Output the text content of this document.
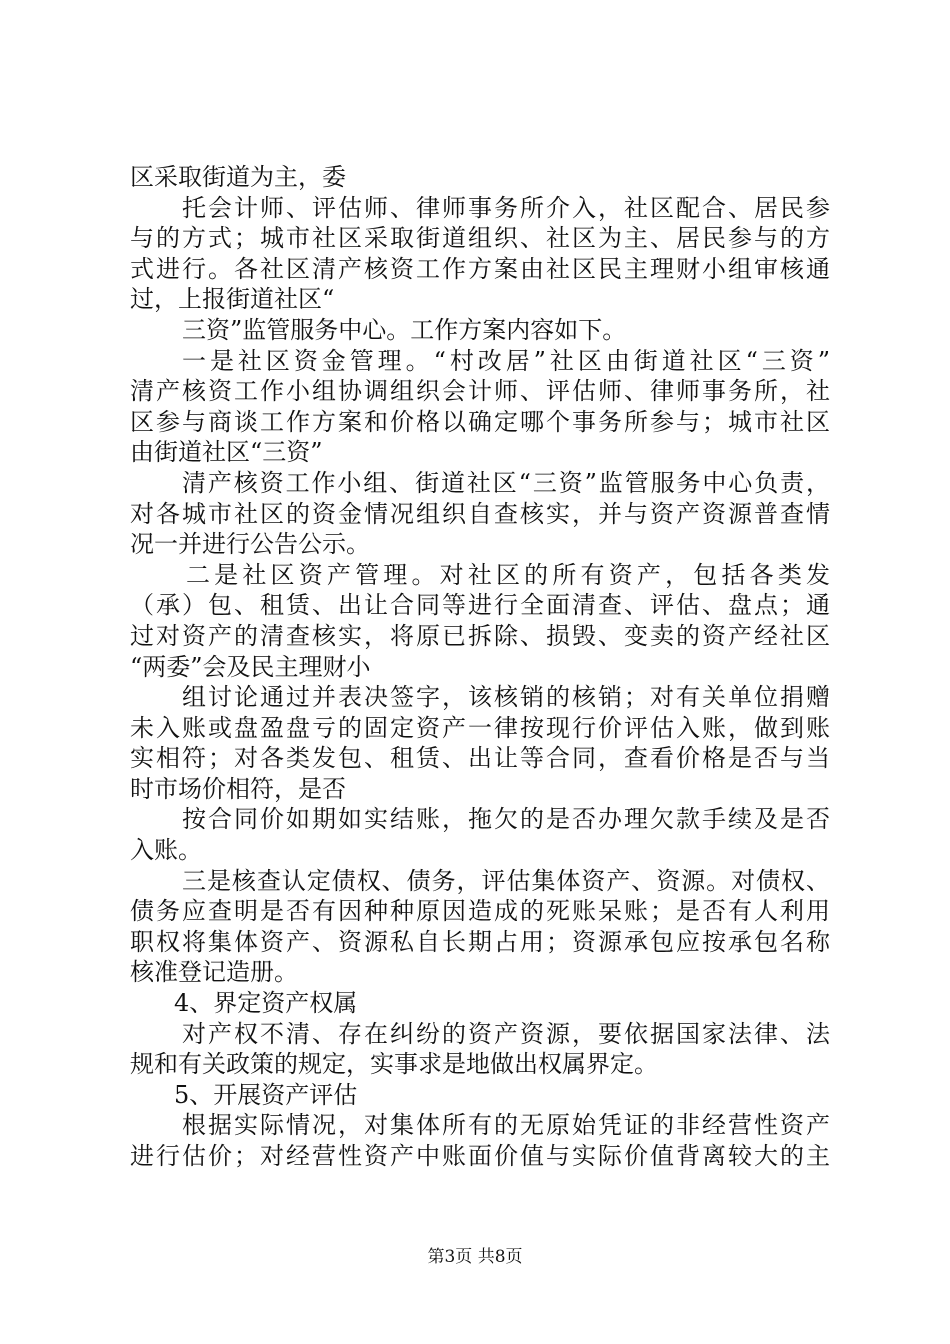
区采取街道为主，委
托会计师、评估师、律师事务所介入，社区配合、居民参
与的方式；城市社区采取街道组织、社区为主、居民参与的方
式进行。各社区清产核资工作方案由社区民主理财小组审核通
过，上报街道社区“
三资”监管服务中心。工作方案内容如下。
一是社区资金管理。“村改居”社区由街道社区“三资”
清产核资工作小组协调组织会计师、评估师、律师事务所，社
区参与商谈工作方案和价格以确定哪个事务所参与；城市社区
由街道社区“三资”
清产核资工作小组、街道社区“三资”监管服务中心负责，
对各城市社区的资金情况组织自查核实，并与资产资源普查情
况一并进行公告公示。
二是社区资产管理。对社区的所有资产，包括各类发
（承）包、租赁、出让合同等进行全面清查、评估、盘点；通
过对资产的清查核实，将原已拆除、损毁、变卖的资产经社区
“两委”会及民主理财小
组讨论通过并表决签字，该核销的核销；对有关单位捐赠
未入账或盘盈盘亏的固定资产一律按现行价评估入账，做到账
实相符；对各类发包、租赁、出让等合同，查看价格是否与当
时市场价相符，是否
按合同价如期如实结账，拖欠的是否办理欠款手续及是否
入账。
三是核查认定债权、债务，评估集体资产、资源。对债权、
债务应查明是否有因种种原因造成的死账呆账；是否有人利用
职权将集体资产、资源私自长期占用；资源承包应按承包名称
核准登记造册。
4、界定资产权属
对产权不清、存在纠纷的资产资源，要依据国家法律、法
规和有关政策的规定，实事求是地做出权属界定。
5、开展资产评估
根据实际情况，对集体所有的无原始凭证的非经营性资产
进行估价；对经营性资产中账面价值与实际价值背离较大的主
第3页 共8页
